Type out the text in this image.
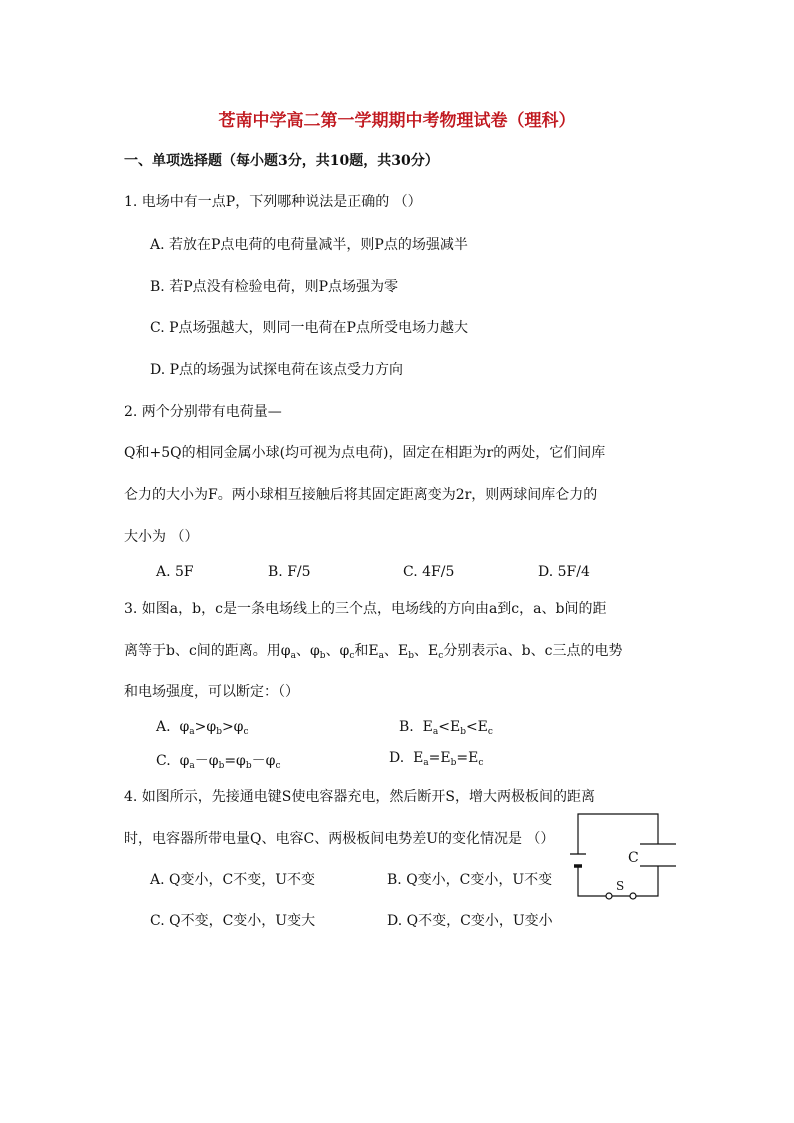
苍南中学高二第一学期期中考物理试卷（理科）
一、单项选择题（每小题3分，共10题，共30分）
1. 电场中有一点P，下列哪种说法是正确的 （）
A. 若放在P点电荷的电荷量减半，则P点的场强减半
B. 若P点没有检验电荷，则P点场强为零
C. P点场强越大，则同一电荷在P点所受电场力越大
D. P点的场强为试探电荷在该点受力方向
2. 两个分别带有电荷量—
Q和+5Q的相同金属小球(均可视为点电荷)，固定在相距为r的两处，它们间库
仑力的大小为F。两小球相互接触后将其固定距离变为2r，则两球间库仑力的
大小为 （）
A. 5F	B. F/5	C. 4F/5	D. 5F/4
3. 如图a，b，c是一条电场线上的三个点，电场线的方向由a到c，a、b间的距
离等于b、c间的距离。用$\varphi_a$、$\varphi_b$、$\varphi_c$和$E_a$、$E_b$、$E_c$分别表示a、b、c三点的电势
和电场强度，可以断定：（）
A.  $\varphi_a>\varphi_b>\varphi_c$	B.  $E_a<E_b<E_c$
C.  $\varphi_a-\varphi_b=\varphi_b-\varphi_c$	D.  $E_a=E_b=E_c$
4. 如图所示，先接通电键S使电容器充电，然后断开S，增大两极板间的距离
时，电容器所带电量Q、电容C、两极板间电势差U的变化情况是 （）
A. Q变小，C不变，U不变	B. Q变小，C变小，U不变
C. Q不变，C变小，U变大	D. Q不变，C变小，U变小
C
S
